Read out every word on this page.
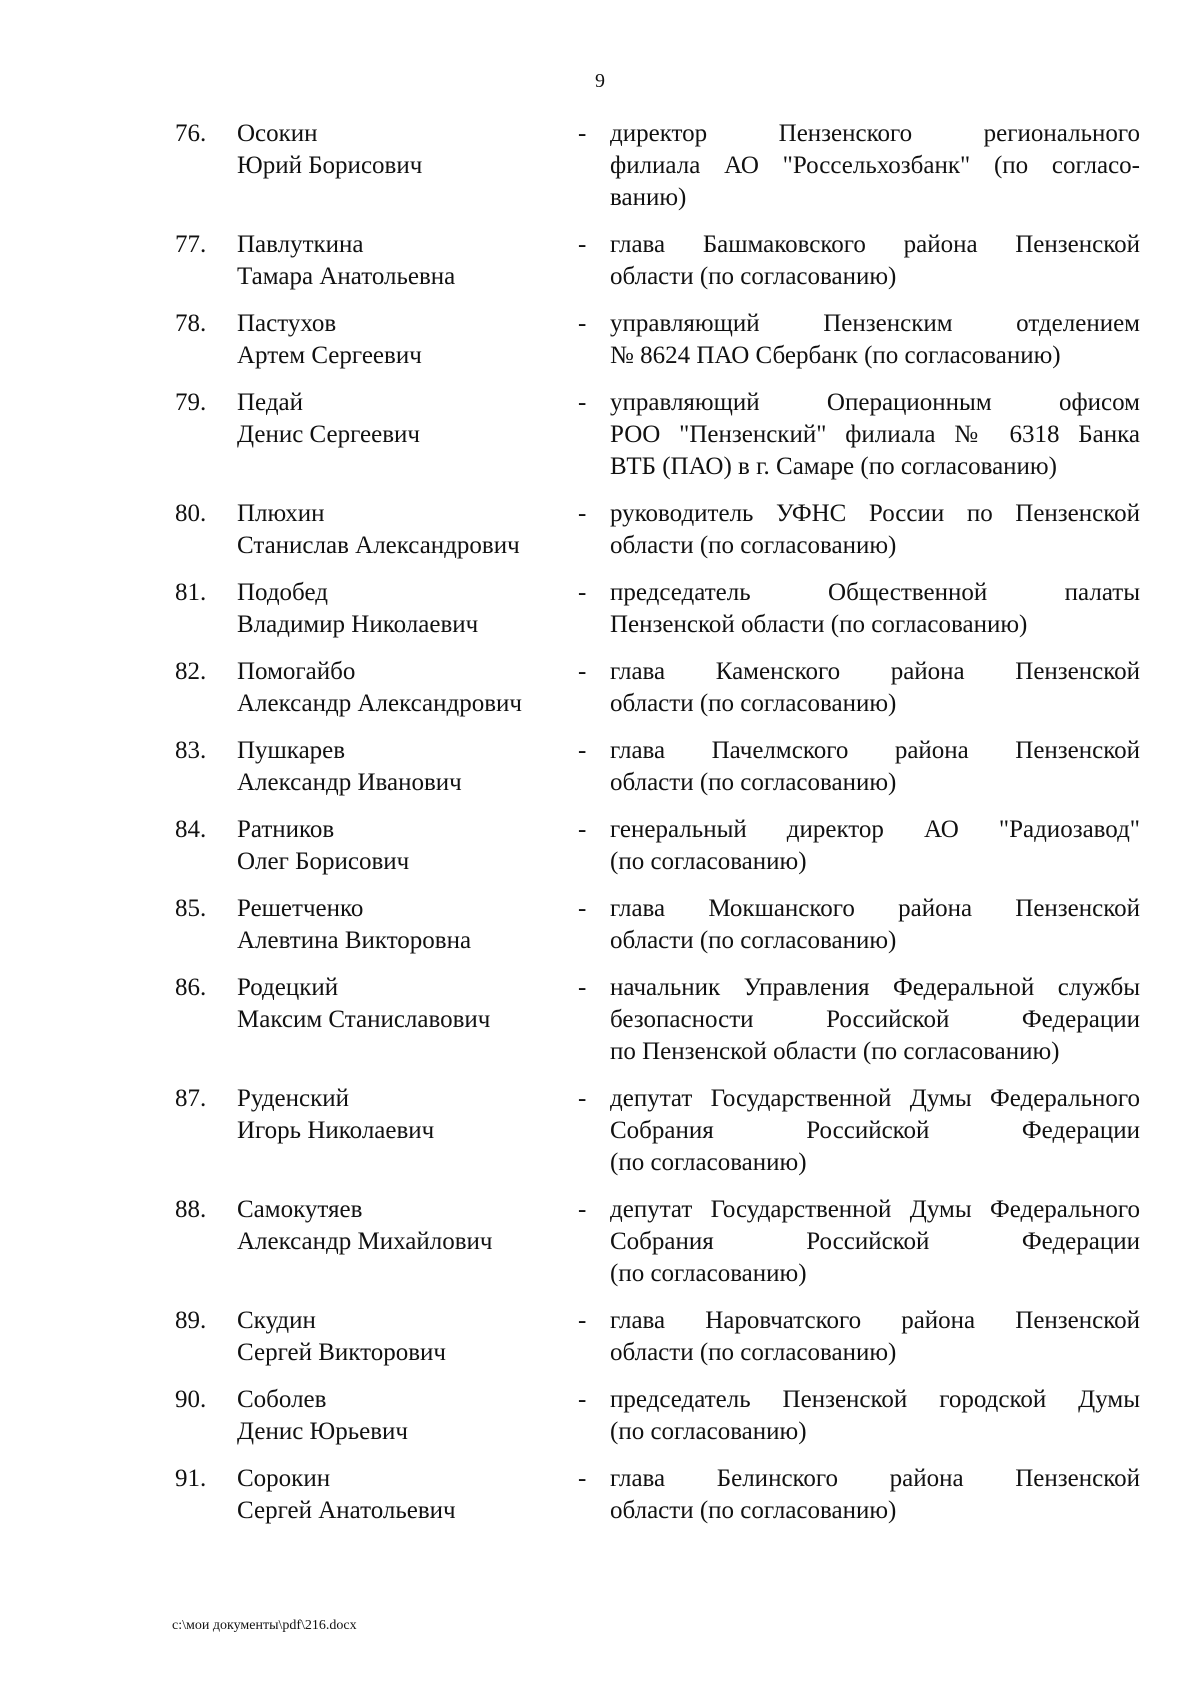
9
76. Осокин
Юрий Борисович
- директор Пензенского регионального
филиала АО "Россельхозбанк" (по согласо-
ванию)
77. Павлуткина
Тамара Анатольевна
- глава Башмаковского района Пензенской
области (по согласованию)
78. Пастухов
Артем Сергеевич
- управляющий Пензенским отделением
№ 8624 ПАО Сбербанк (по согласованию)
79. Педай
Денис Сергеевич
- управляющий Операционным офисом
РОО "Пензенский" филиала № 6318 Банка
ВТБ (ПАО) в г. Самаре (по согласованию)
80. Плюхин
Станислав Александрович
- руководитель УФНС России по Пензенской
области (по согласованию)
81. Подобед
Владимир Николаевич
- председатель Общественной палаты
Пензенской области (по согласованию)
82. Помогайбо
Александр Александрович
- глава Каменского района Пензенской
области (по согласованию)
83. Пушкарев
Александр Иванович
- глава Пачелмского района Пензенской
области (по согласованию)
84. Ратников
Олег Борисович
- генеральный директор АО "Радиозавод"
(по согласованию)
85. Решетченко
Алевтина Викторовна
- глава Мокшанского района Пензенской
области (по согласованию)
86. Родецкий
Максим Станиславович
- начальник Управления Федеральной службы
безопасности Российской Федерации
по Пензенской области (по согласованию)
87. Руденский
Игорь Николаевич
- депутат Государственной Думы Федерального
Собрания Российской Федерации
(по согласованию)
88. Самокутяев
Александр Михайлович
- депутат Государственной Думы Федерального
Собрания Российской Федерации
(по согласованию)
89. Скудин
Сергей Викторович
- глава Наровчатского района Пензенской
области (по согласованию)
90. Соболев
Денис Юрьевич
- председатель Пензенской городской Думы
(по согласованию)
91. Сорокин
Сергей Анатольевич
- глава Белинского района Пензенской
области (по согласованию)
c:\мои документы\pdf\216.docx
